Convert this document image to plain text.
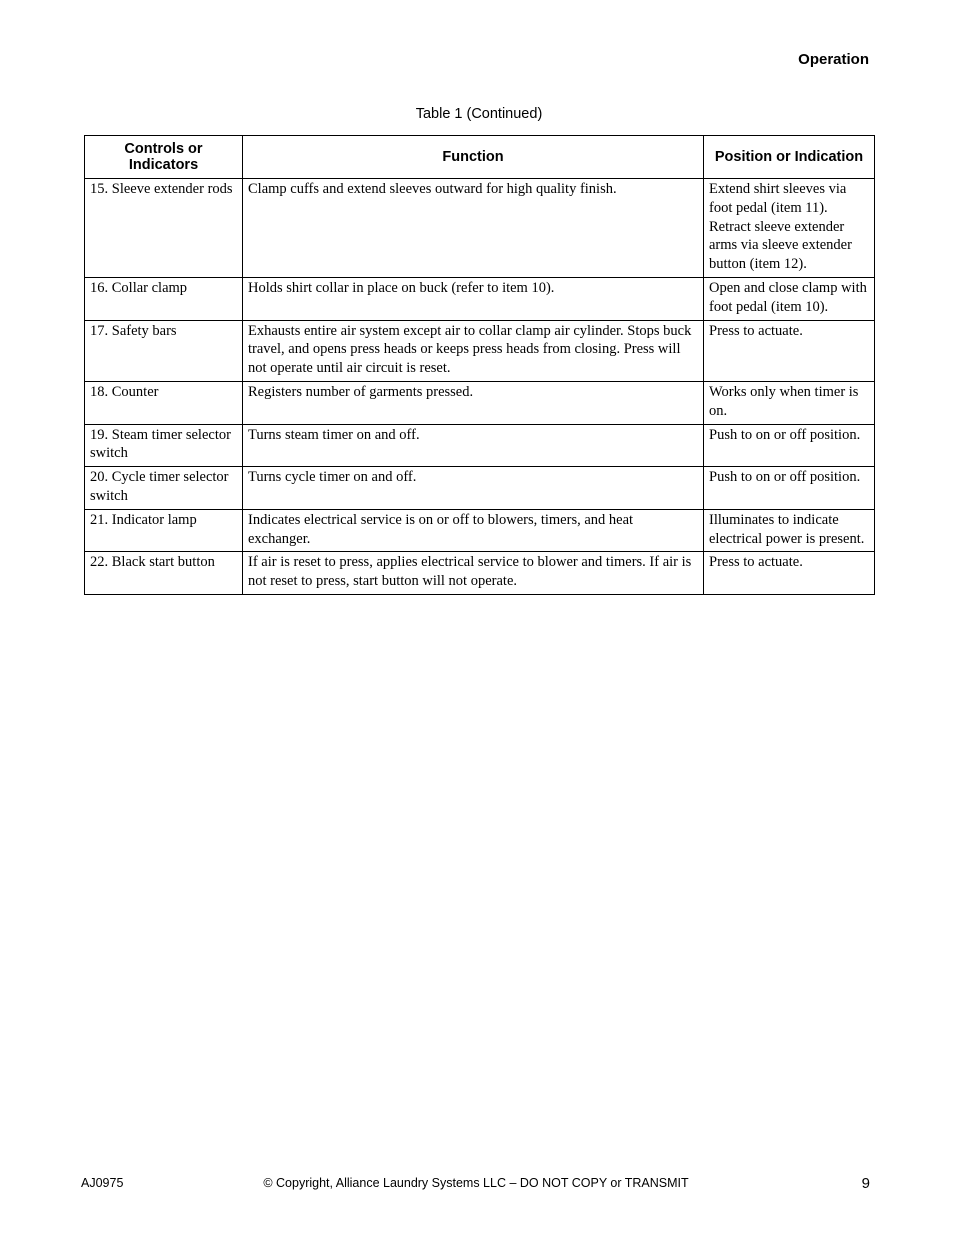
Operation
Table 1 (Continued)
Controls or Indicators	Function	Position or Indication
15. Sleeve extender rods	Clamp cuffs and extend sleeves outward for high quality finish.	Extend shirt sleeves via foot pedal (item 11). Retract sleeve extender arms via sleeve extender button (item 12).
16. Collar clamp	Holds shirt collar in place on buck (refer to item 10).	Open and close clamp with foot pedal (item 10).
17. Safety bars	Exhausts entire air system except air to collar clamp air cylinder. Stops buck travel, and opens press heads or keeps press heads from closing. Press will not operate until air circuit is reset.	Press to actuate.
18. Counter	Registers number of garments pressed.	Works only when timer is on.
19. Steam timer selector switch	Turns steam timer on and off.	Push to on or off position.
20. Cycle timer selector switch	Turns cycle timer on and off.	Push to on or off position.
21. Indicator lamp	Indicates electrical service is on or off to blowers, timers, and heat exchanger.	Illuminates to indicate electrical power is present.
22. Black start button	If air is reset to press, applies electrical service to blower and timers. If air is not reset to press, start button will not operate.	Press to actuate.
AJ0975	© Copyright, Alliance Laundry Systems LLC – DO NOT COPY or TRANSMIT	9
